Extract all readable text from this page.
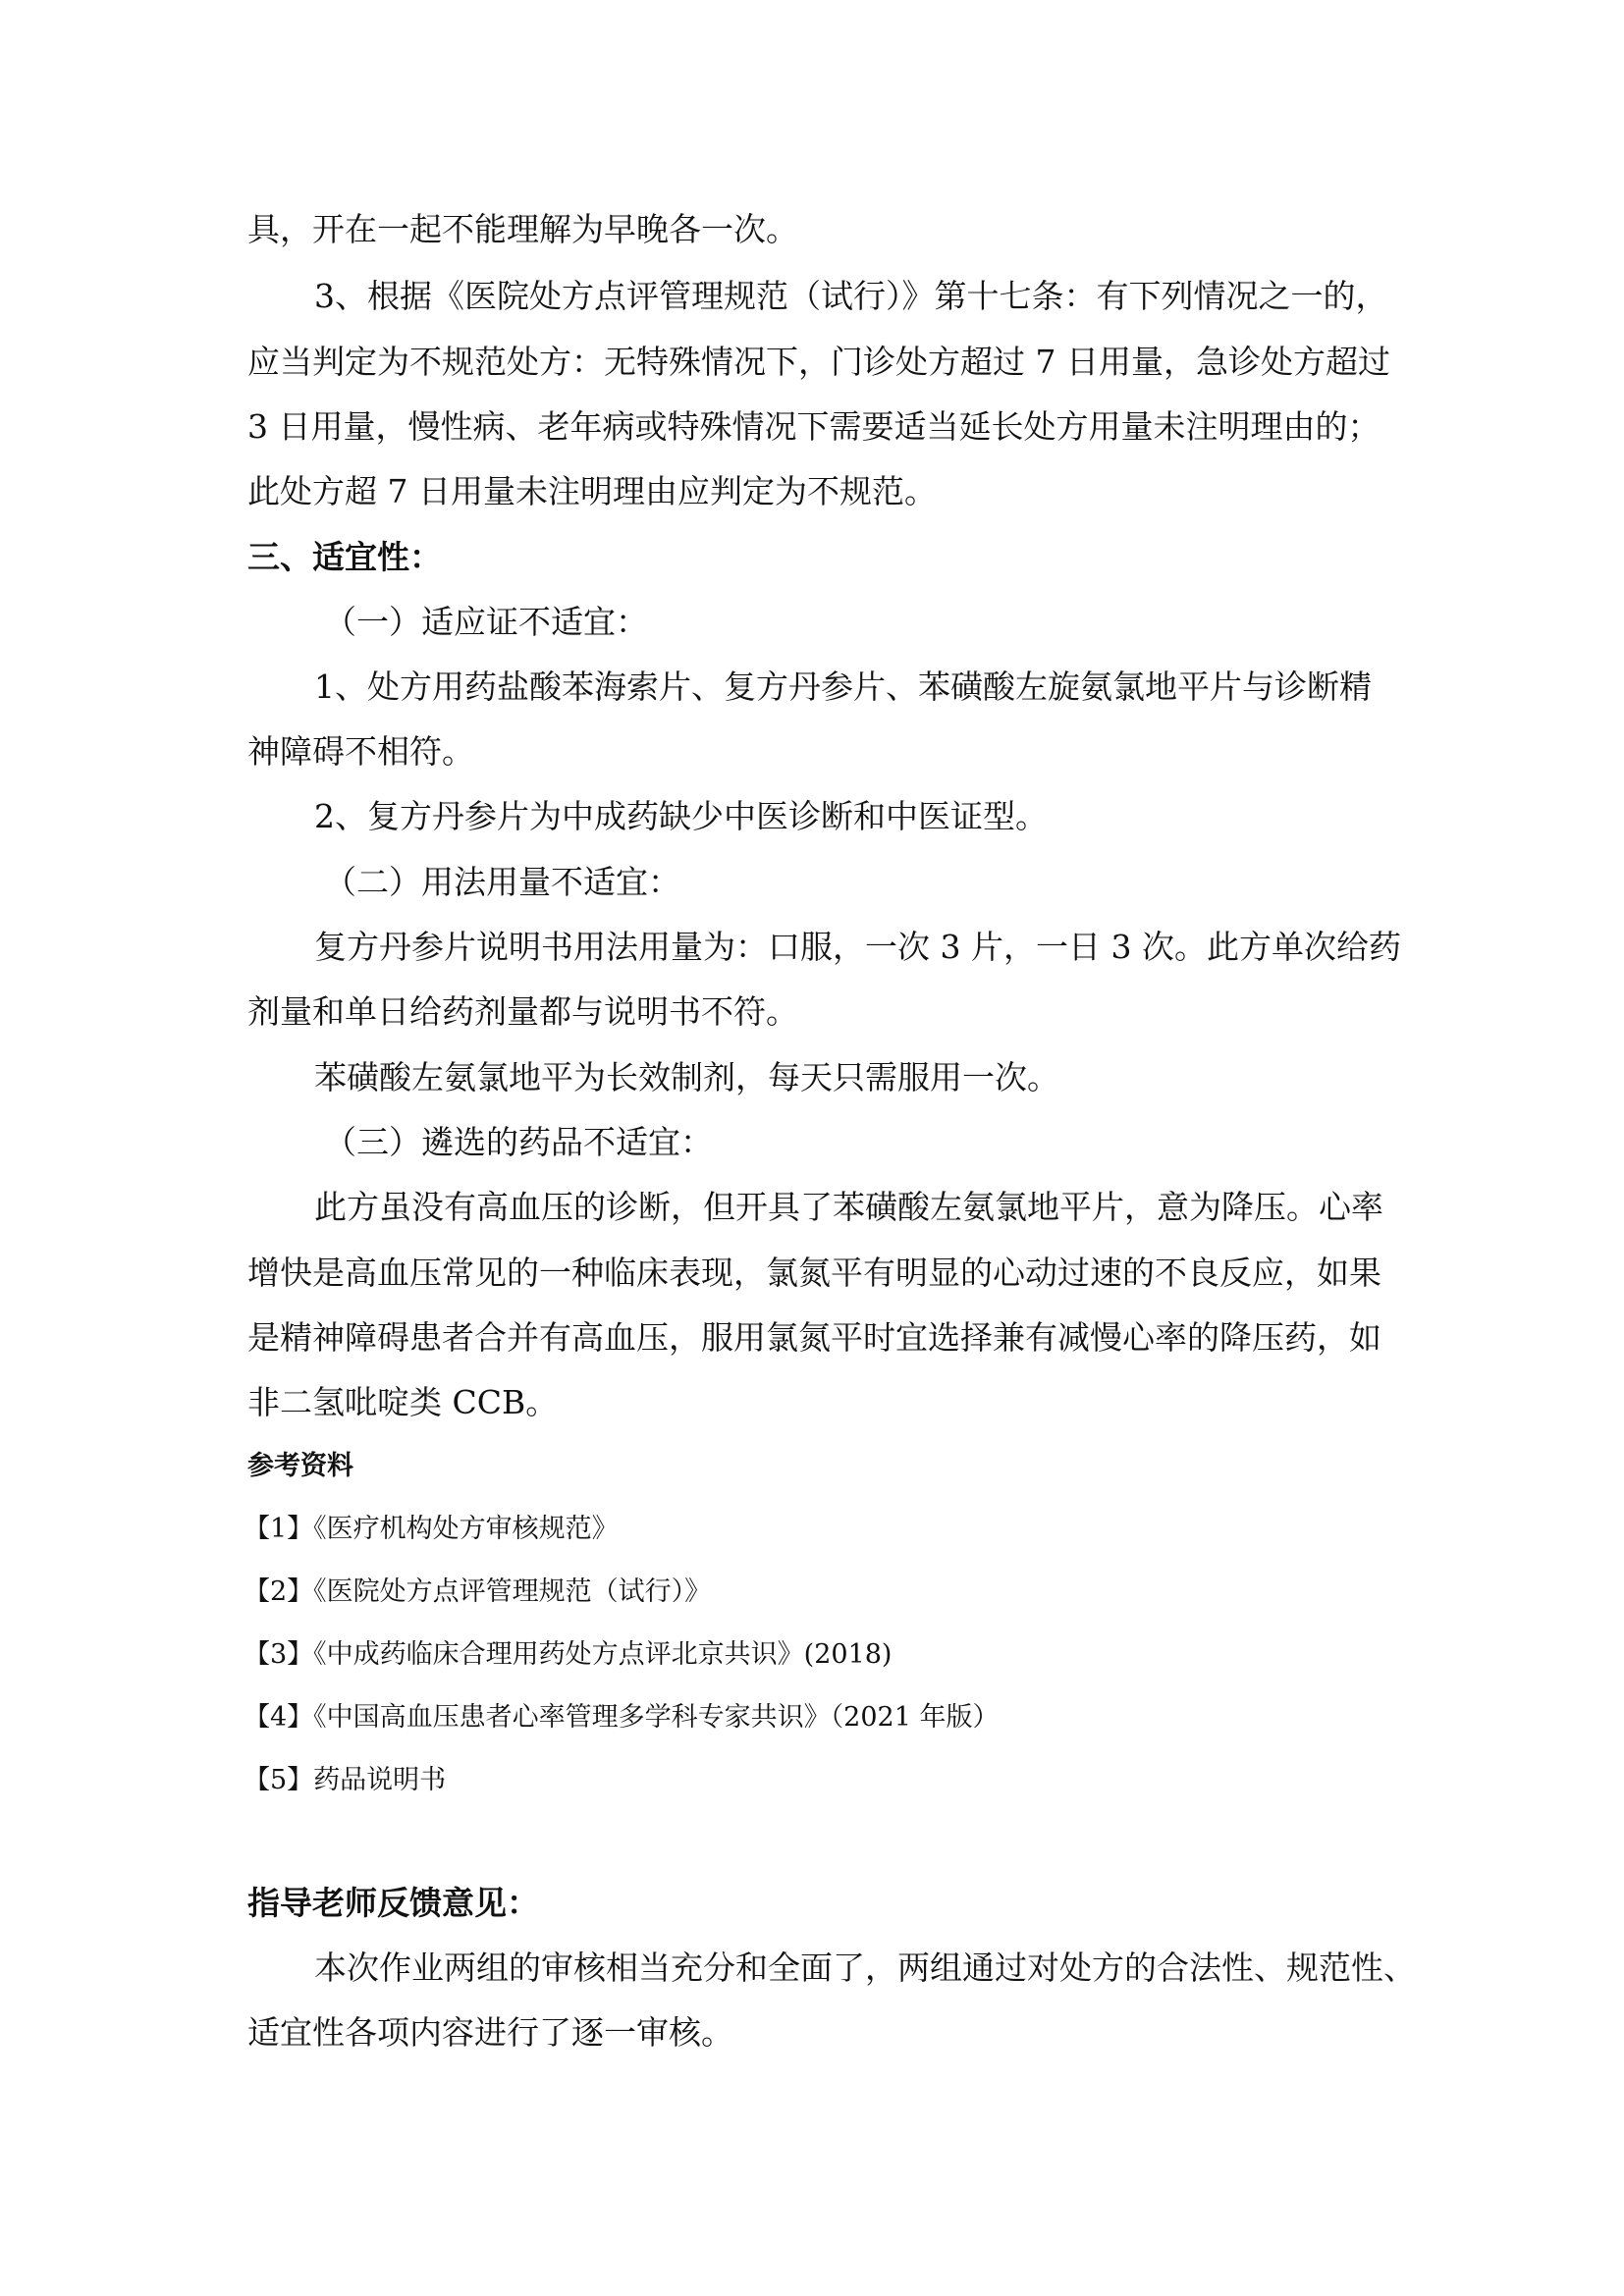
具，开在一起不能理解为早晚各一次。
3、根据《医院处方点评管理规范（试行）》第十七条：有下列情况之一的，
应当判定为不规范处方：无特殊情况下，门诊处方超过 7 日用量，急诊处方超过
3 日用量，慢性病、老年病或特殊情况下需要适当延长处方用量未注明理由的；
此处方超 7 日用量未注明理由应判定为不规范。
三、适宜性：
（一）适应证不适宜：
1、处方用药盐酸苯海索片、复方丹参片、苯磺酸左旋氨氯地平片与诊断精
神障碍不相符。
2、复方丹参片为中成药缺少中医诊断和中医证型。
（二）用法用量不适宜：
复方丹参片说明书用法用量为：口服，一次 3 片，一日 3 次。此方单次给药
剂量和单日给药剂量都与说明书不符。
苯磺酸左氨氯地平为长效制剂，每天只需服用一次。
（三）遴选的药品不适宜：
此方虽没有高血压的诊断，但开具了苯磺酸左氨氯地平片，意为降压。心率
增快是高血压常见的一种临床表现，氯氮平有明显的心动过速的不良反应，如果
是精神障碍患者合并有高血压，服用氯氮平时宜选择兼有减慢心率的降压药，如
非二氢吡啶类 CCB。
参考资料
【1】《医疗机构处方审核规范》
【2】《医院处方点评管理规范（试行）》
【3】《中成药临床合理用药处方点评北京共识》(2018)
【4】《中国高血压患者心率管理多学科专家共识》（2021 年版）
【5】药品说明书
指导老师反馈意见：
本次作业两组的审核相当充分和全面了，两组通过对处方的合法性、规范性、
适宜性各项内容进行了逐一审核。
